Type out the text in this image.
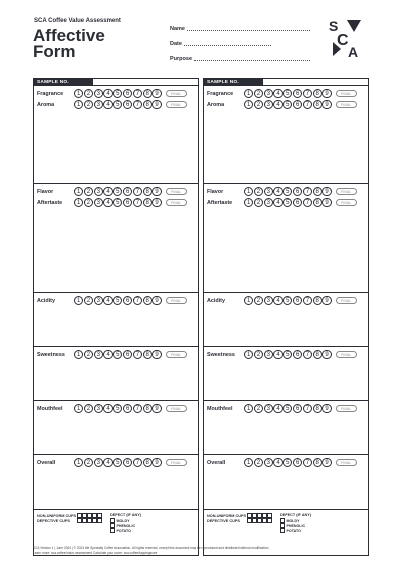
SCA Coffee Value Assessment
Affective
Form
Name
Date
Purpose
S
C
A
SAMPLE NO.
Fragrance	1	2	3	4	5	6	7	8	9	FINAL
Aroma	1	2	3	4	5	6	7	8	9	FINAL
Flavor	1	2	3	4	5	6	7	8	9	FINAL
Aftertaste	1	2	3	4	5	6	7	8	9	FINAL
Acidity	1	2	3	4	5	6	7	8	9	FINAL
Sweetness	1	2	3	4	5	6	7	8	9	FINAL
Mouthfeel	1	2	3	4	5	6	7	8	9	FINAL
Overall	1	2	3	4	5	6	7	8	9	FINAL
NON-UNIFORM CUPS
DEFECTIVE CUPS
DEFECT (IF ANY)
MOLDY
PHENOLIC
POTATO
SAMPLE NO.
Fragrance	1	2	3	4	5	6	7	8	9	FINAL
Aroma	1	2	3	4	5	6	7	8	9	FINAL
Flavor	1	2	3	4	5	6	7	8	9	FINAL
Aftertaste	1	2	3	4	5	6	7	8	9	FINAL
Acidity	1	2	3	4	5	6	7	8	9	FINAL
Sweetness	1	2	3	4	5	6	7	8	9	FINAL
Mouthfeel	1	2	3	4	5	6	7	8	9	FINAL
Overall	1	2	3	4	5	6	7	8	9	FINAL
NON-UNIFORM CUPS
DEFECTIVE CUPS
DEFECT (IF ANY)
MOLDY
PHENOLIC
POTATO
SCA Version 1 | June 2024 | © 2024 the Specialty Coffee Association. All rights reserved, except this document may be reproduced and distributed without modification.
Learn more: sca.coffee/value-assessment Calculate your score: sca.coffee/tappingscore
